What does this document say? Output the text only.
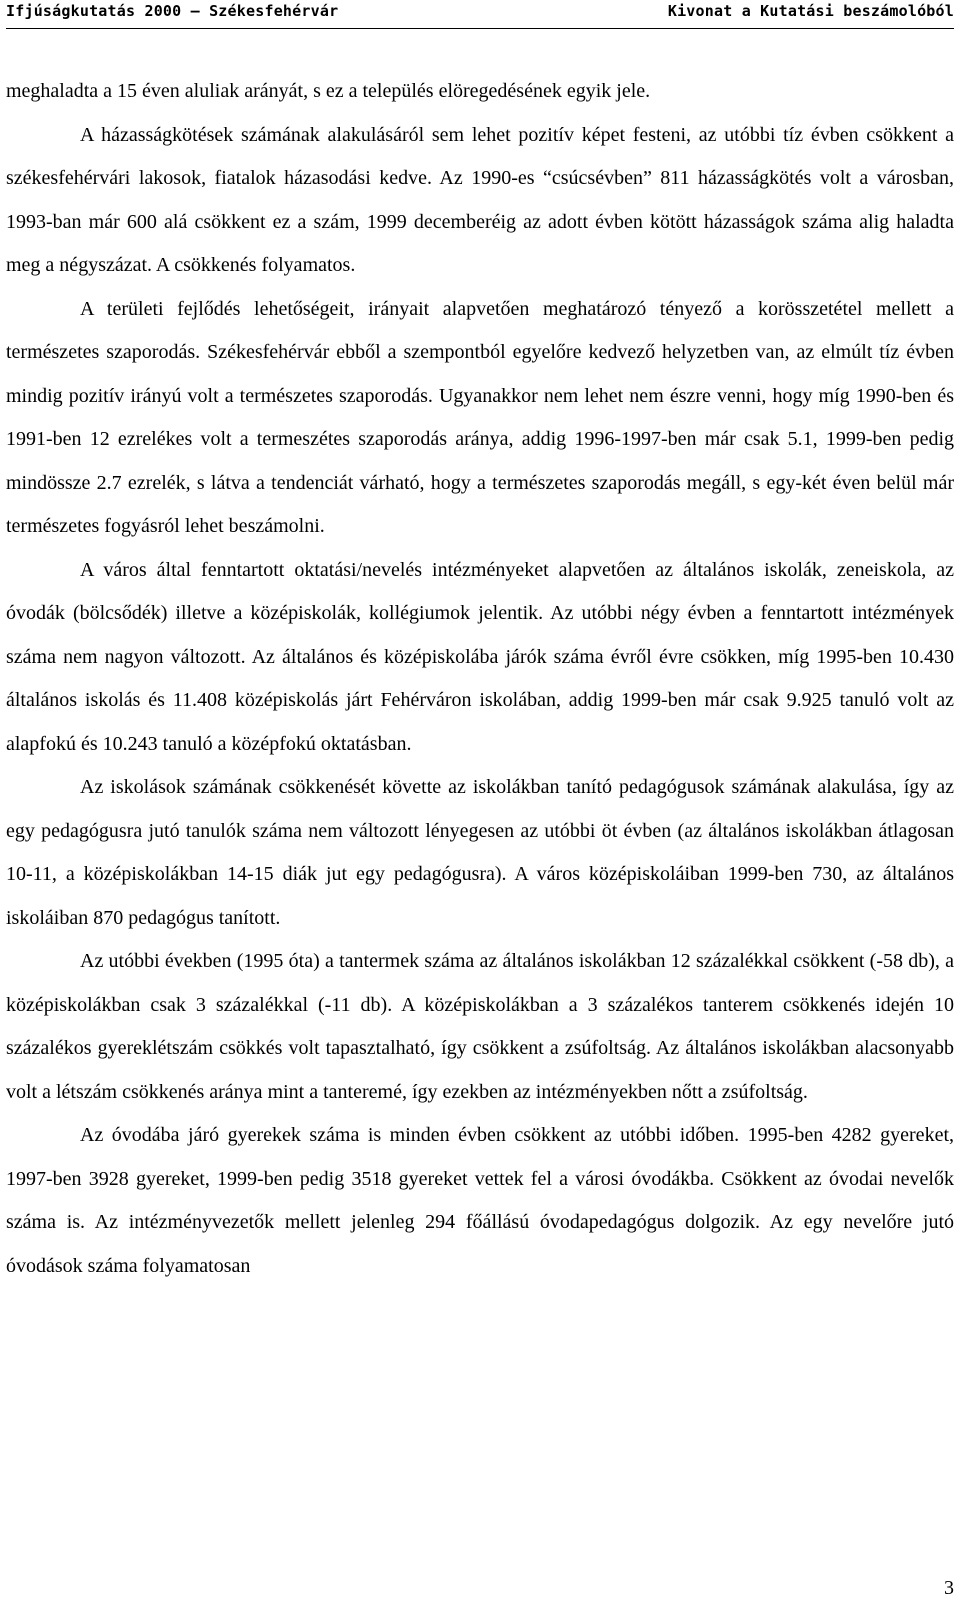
Ifjúságkutatás 2000 – Székesfehérvár	Kivonat a Kutatási beszámolóból

meghaladta a 15 éven aluliak arányát, s ez a település elöregedésének egyik jele.

A házasságkötések számának alakulásáról sem lehet pozitív képet festeni, az utóbbi tíz évben csökkent a székesfehérvári lakosok, fiatalok házasodási kedve. Az 1990-es “csúcsévben” 811 házasságkötés volt a városban, 1993-ban már 600 alá csökkent ez a szám, 1999 decemberéig az adott évben kötött házasságok száma alig haladta meg a négyszázat. A csökkenés folyamatos.

A területi fejlődés lehetőségeit, irányait alapvetően meghatározó tényező a korösszetétel mellett a természetes szaporodás. Székesfehérvár ebből a szempontból egyelőre kedvező helyzetben van, az elmúlt tíz évben mindig pozitív irányú volt a természetes szaporodás. Ugyanakkor nem lehet nem észre venni, hogy míg 1990-ben és 1991-ben 12 ezrelékes volt a termeszétes szaporodás aránya, addig 1996-1997-ben már csak 5.1, 1999-ben pedig mindössze 2.7 ezrelék, s látva a tendenciát várható, hogy a természetes szaporodás megáll, s egy-két éven belül már természetes fogyásról lehet beszámolni.

A város által fenntartott oktatási/nevelés intézményeket alapvetően az általános iskolák, zeneiskola, az óvodák (bölcsődék) illetve a középiskolák, kollégiumok jelentik. Az utóbbi négy évben a fenntartott intézmények száma nem nagyon változott. Az általános és középiskolába járók száma évről évre csökken, míg 1995-ben 10.430 általános iskolás és 11.408 középiskolás járt Fehérváron iskolában, addig 1999-ben már csak 9.925 tanuló volt az alapfokú és 10.243 tanuló a középfokú oktatásban.

Az iskolások számának csökkenését követte az iskolákban tanító pedagógusok számának alakulása, így az egy pedagógusra jutó tanulók száma nem változott lényegesen az utóbbi öt évben (az általános iskolákban átlagosan 10-11, a középiskolákban 14-15 diák jut egy pedagógusra). A város középiskoláiban 1999-ben 730, az általános iskoláiban 870 pedagógus tanított.

Az utóbbi években (1995 óta) a tantermek száma az általános iskolákban 12 százalékkal csökkent (-58 db), a középiskolákban csak 3 százalékkal (-11 db). A középiskolákban a 3 százalékos tanterem csökkenés idején 10 százalékos gyereklétszám csökkés volt tapasztalható, így csökkent a zsúfoltság. Az általános iskolákban alacsonyabb volt a létszám csökkenés aránya mint a tanteremé, így ezekben az intézményekben nőtt a zsúfoltság.

Az óvodába járó gyerekek száma is minden évben csökkent az utóbbi időben. 1995-ben 4282 gyereket, 1997-ben 3928 gyereket, 1999-ben pedig 3518 gyereket vettek fel a városi óvodákba. Csökkent az óvodai nevelők száma is. Az intézményvezetők mellett jelenleg 294 főállású óvodapedagógus dolgozik. Az egy nevelőre jutó óvodások száma folyamatosan

3
